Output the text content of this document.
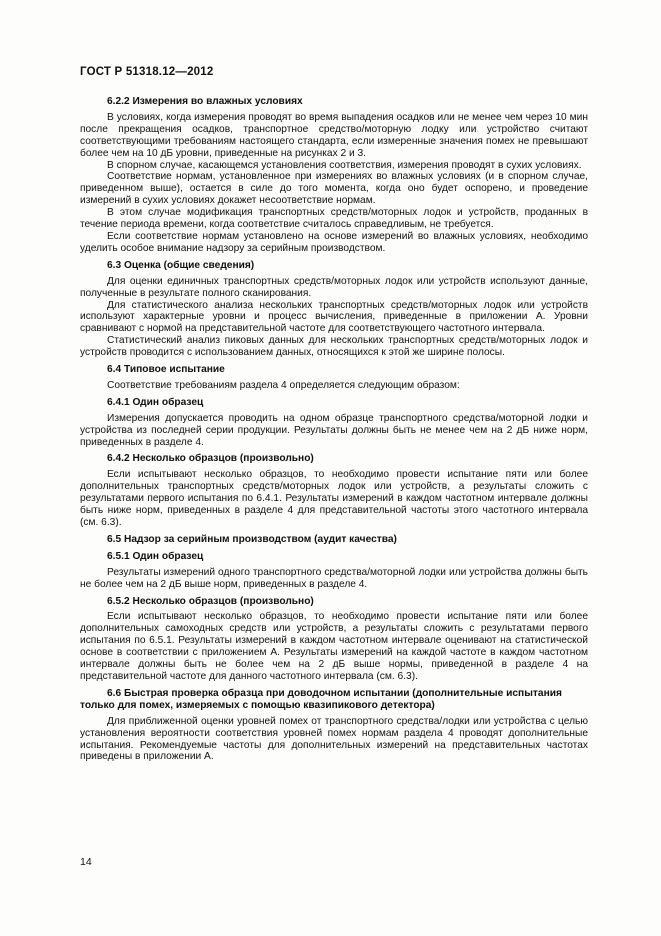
ГОСТ Р 51318.12—2012
6.2.2 Измерения во влажных условиях

В условиях, когда измерения проводят во время выпадения осадков или не менее чем через 10 мин после прекращения осадков, транспортное средство/моторную лодку или устройство считают соответствующими требованиям настоящего стандарта, если измеренные значения помех не превышают более чем на 10 дБ уровни, приведенные на рисунках 2 и 3.

В спорном случае, касающемся установления соответствия, измерения проводят в сухих условиях.

Соответствие нормам, установленное при измерениях во влажных условиях (и в спорном случае, приведенном выше), остается в силе до того момента, когда оно будет оспорено, и проведение измерений в сухих условиях докажет несоответствие нормам.

В этом случае модификация транспортных средств/моторных лодок и устройств, проданных в течение периода времени, когда соответствие считалось справедливым, не требуется.

Если соответствие нормам установлено на основе измерений во влажных условиях, необходимо уделить особое внимание надзору за серийным производством.

6.3 Оценка (общие сведения)

Для оценки единичных транспортных средств/моторных лодок или устройств используют данные, полученные в результате полного сканирования.

Для статистического анализа нескольких транспортных средств/моторных лодок или устройств используют характерные уровни и процесс вычисления, приведенные в приложении А. Уровни сравнивают с нормой на представительной частоте для соответствующего частотного интервала.

Статистический анализ пиковых данных для нескольких транспортных средств/моторных лодок и устройств проводится с использованием данных, относящихся к этой же ширине полосы.

6.4 Типовое испытание

Соответствие требованиям раздела 4 определяется следующим образом:

6.4.1 Один образец

Измерения допускается проводить на одном образце транспортного средства/моторной лодки и устройства из последней серии продукции. Результаты должны быть не менее чем на 2 дБ ниже норм, приведенных в разделе 4.

6.4.2 Несколько образцов (произвольно)

Если испытывают несколько образцов, то необходимо провести испытание пяти или более дополнительных транспортных средств/моторных лодок или устройств, а результаты сложить с результатами первого испытания по 6.4.1. Результаты измерений в каждом частотном интервале должны быть ниже норм, приведенных в разделе 4 для представительной частоты этого частотного интервала (см. 6.3).

6.5 Надзор за серийным производством (аудит качества)
6.5.1 Один образец

Результаты измерений одного транспортного средства/моторной лодки или устройства должны быть не более чем на 2 дБ выше норм, приведенных в разделе 4.

6.5.2 Несколько образцов (произвольно)

Если испытывают несколько образцов, то необходимо провести испытание пяти или более дополнительных самоходных средств или устройств, а результаты сложить с результатами первого испытания по 6.5.1. Результаты измерений в каждом частотном интервале оценивают на статистической основе в соответствии с приложением А. Результаты измерений на каждой частоте в каждом частотном интервале должны быть не более чем на 2 дБ выше нормы, приведенной в разделе 4 на представительной частоте для данного частотного интервала (см. 6.3).

6.6 Быстрая проверка образца при доводочном испытании (дополнительные испытания только для помех, измеряемых с помощью квазипикового детектора)

Для приближенной оценки уровней помех от транспортного средства/лодки или устройства с целью установления вероятности соответствия уровней помех нормам раздела 4 проводят дополнительные испытания. Рекомендуемые частоты для дополнительных измерений на представительных частотах приведены в приложении А.

14
